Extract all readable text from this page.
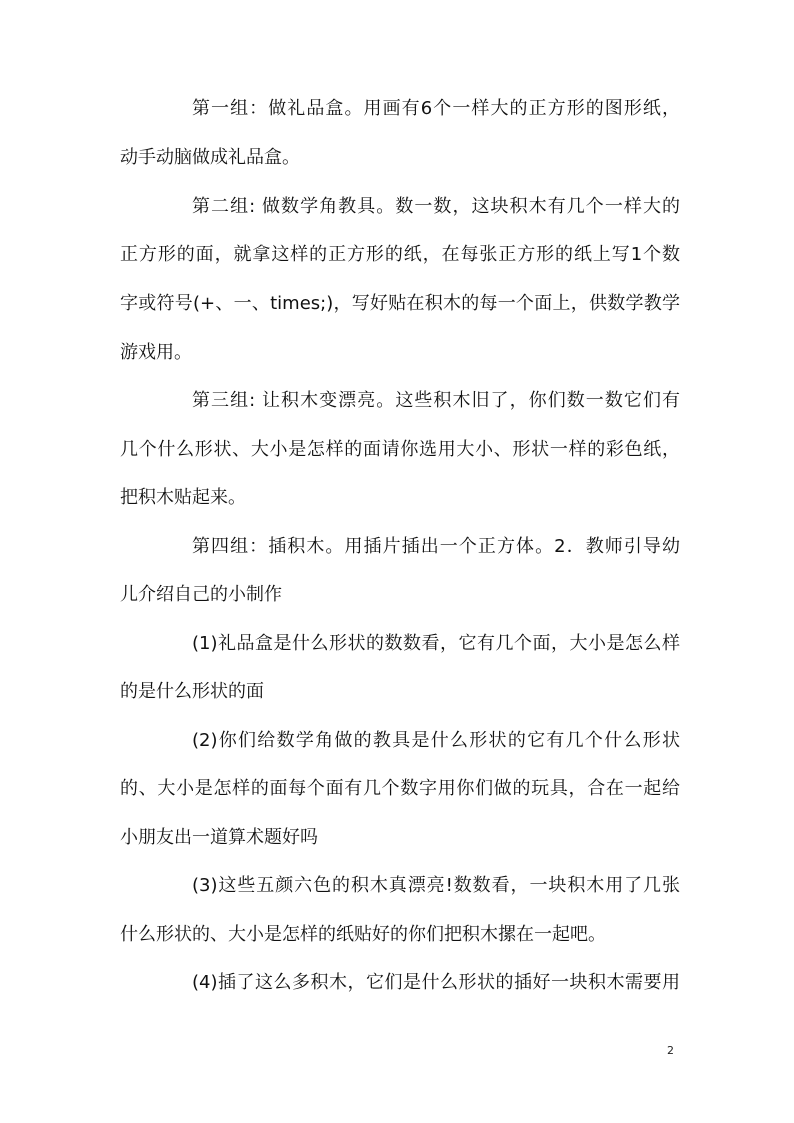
第一组：做礼品盒。用画有6个一样大的正方形的图形纸，
动手动脑做成礼品盒。
第二组: 做数学角教具。数一数，这块积木有几个一样大的
正方形的面，就拿这样的正方形的纸，在每张正方形的纸上写1个数
字或符号(+、一、times;)，写好贴在积木的每一个面上，供数学教学
游戏用。
第三组: 让积木变漂亮。这些积木旧了，你们数一数它们有
几个什么形状、大小是怎样的面请你选用大小、形状一样的彩色纸，
把积木贴起来。
第四组：插积木。用插片插出一个正方体。2．教师引导幼
儿介绍自己的小制作
(1)礼品盒是什么形状的数数看，它有几个面，大小是怎么样
的是什么形状的面
(2)你们给数学角做的教具是什么形状的它有几个什么形状
的、大小是怎样的面每个面有几个数字用你们做的玩具，合在一起给
小朋友出一道算术题好吗
(3)这些五颜六色的积木真漂亮!数数看，一块积木用了几张
什么形状的、大小是怎样的纸贴好的你们把积木摞在一起吧。
(4)插了这么多积木，它们是什么形状的插好一块积木需要用
2
